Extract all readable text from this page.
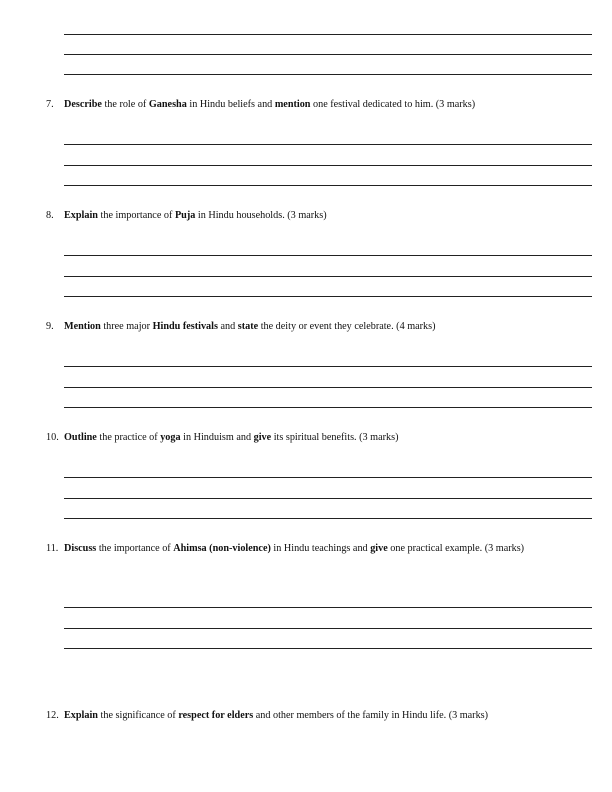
7.	Describe the role of Ganesha in Hindu beliefs and mention one festival dedicated to him. (3 marks)
8.	Explain the importance of Puja in Hindu households. (3 marks)
9.	Mention three major Hindu festivals and state the deity or event they celebrate. (4 marks)
10. Outline the practice of yoga in Hinduism and give its spiritual benefits. (3 marks)
11. Discuss the importance of Ahimsa (non-violence) in Hindu teachings and give one practical example. (3 marks)
12. Explain the significance of respect for elders and other members of the family in Hindu life. (3 marks)
